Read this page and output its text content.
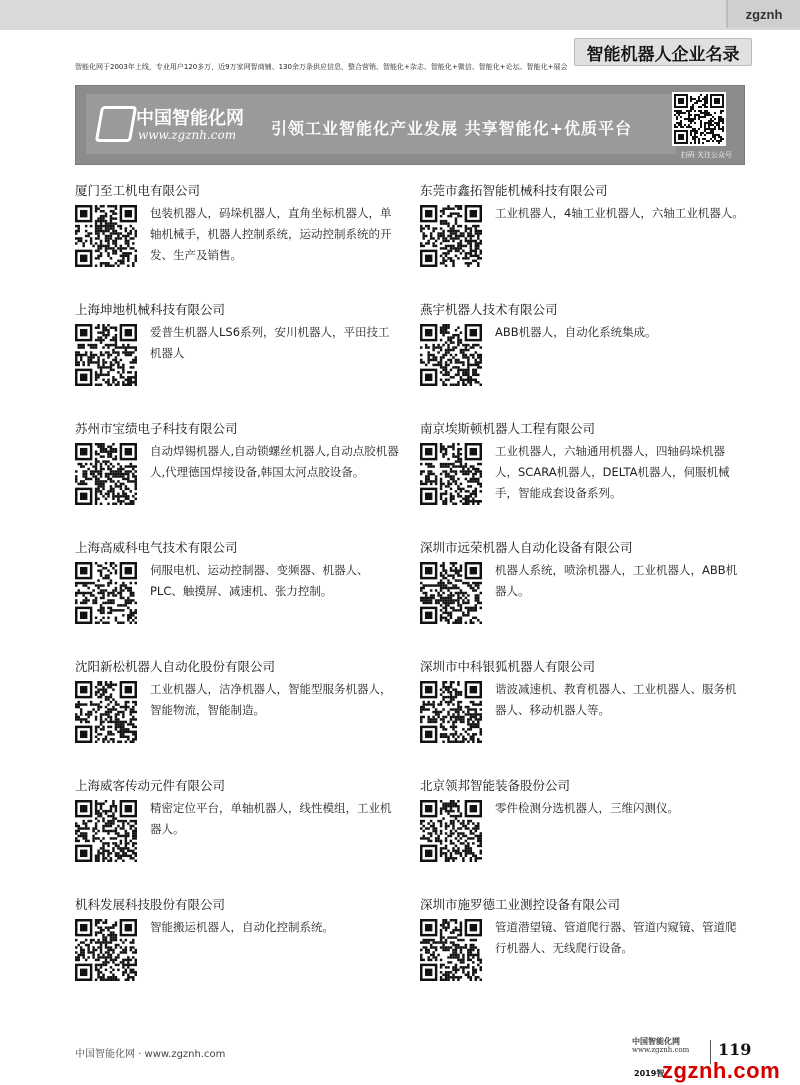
zgznh
智能机器人企业名录
智能化网于2003年上线，专业用户120多万，近9万家网智商铺、130余万条供应信息，整合营销、智能化+杂志、智能化+微信、智能化+论坛、智能化+展会
中国智能化网
www.zgznh.com 引领工业智能化产业发展 共享智能化+优质平台
扫码 关注公众号
厦门至工机电有限公司
包装机器人，码垛机器人，直角坐标机器人，单轴机械手，机器人控制系统，运动控制系统的开发、生产及销售。
上海坤地机械科技有限公司
爱普生机器人LS6系列，安川机器人，平田技工机器人
苏州市宝绩电子科技有限公司
自动焊锡机器人,自动锁螺丝机器人,自动点胶机器人,代理德国焊接设备,韩国太河点胶设备。
上海高威科电气技术有限公司
伺服电机、运动控制器、变频器、机器人、PLC、触摸屏、减速机、张力控制。
沈阳新松机器人自动化股份有限公司
工业机器人，洁净机器人，智能型服务机器人，智能物流，智能制造。
上海威客传动元件有限公司
精密定位平台，单轴机器人，线性模组，工业机器人。
机科发展科技股份有限公司
智能搬运机器人，自动化控制系统。
东莞市鑫拓智能机械科技有限公司
工业机器人，4轴工业机器人，六轴工业机器人。
燕宇机器人技术有限公司
ABB机器人，自动化系统集成。
南京埃斯顿机器人工程有限公司
工业机器人，六轴通用机器人，四轴码垛机器人，SCARA机器人，DELTA机器人，伺服机械手，智能成套设备系列。
深圳市远荣机器人自动化设备有限公司
机器人系统，喷涂机器人，工业机器人，ABB机器人。
深圳市中科银狐机器人有限公司
谐波减速机、教育机器人、工业机器人、服务机器人、移动机器人等。
北京领邦智能装备股份公司
零件检测分选机器人，三维闪测仪。
深圳市施罗德工业测控设备有限公司
管道潜望镜、管道爬行器、管道内窥镜、管道爬行机器人、无线爬行设备。
中国智能化网 · www.zgznh.com
中国智能化网
www.zgznh.com	119
2019智
zgznh.com
